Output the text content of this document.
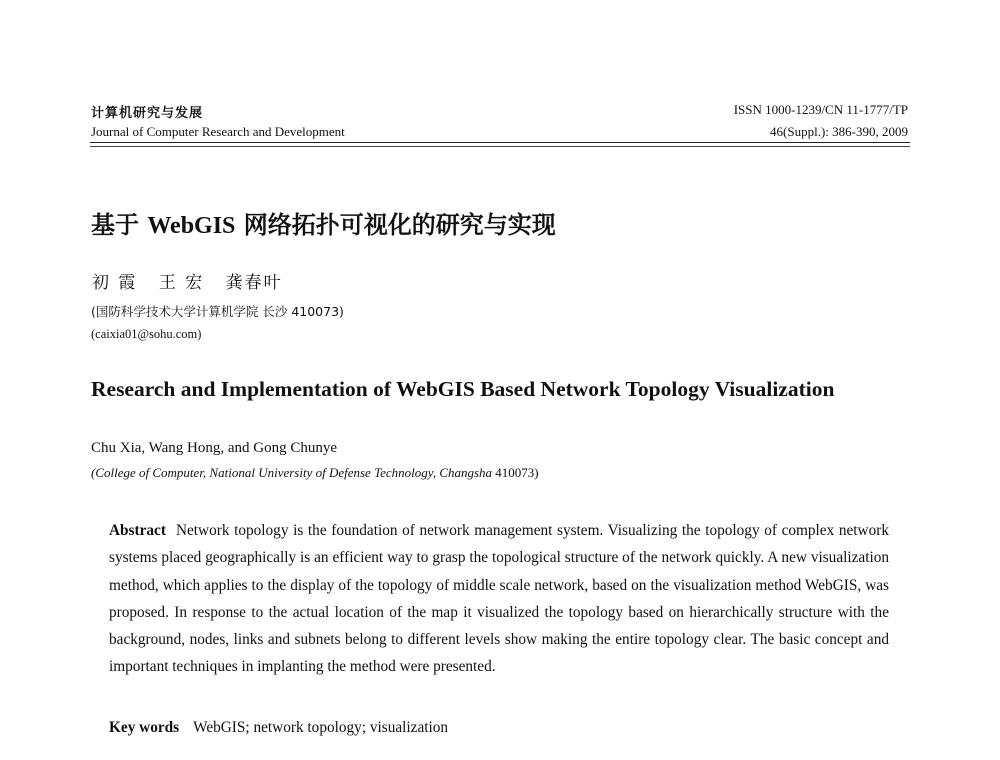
计算机研究与发展
Journal of Computer Research and Development
ISSN 1000-1239/CN 11-1777/TP
46(Suppl.): 386-390, 2009
基于 WebGIS 网络拓扑可视化的研究与实现
初 霞 王 宏 龚春叶
(国防科学技术大学计算机学院 长沙 410073)
(caixia01@sohu.com)
Research and Implementation of WebGIS Based Network Topology Visualization
Chu Xia, Wang Hong, and Gong Chunye
(College of Computer, National University of Defense Technology, Changsha 410073)
Abstract Network topology is the foundation of network management system. Visualizing the topology of complex network systems placed geographically is an efficient way to grasp the topological structure of the network quickly. A new visualization method, which applies to the display of the topology of middle scale network, based on the visualization method WebGIS, was proposed. In response to the actual location of the map it visualized the topology based on hierarchically structure with the background, nodes, links and subnets belong to different levels show making the entire topology clear. The basic concept and important techniques in implanting the method were presented.
Key words WebGIS; network topology; visualization
